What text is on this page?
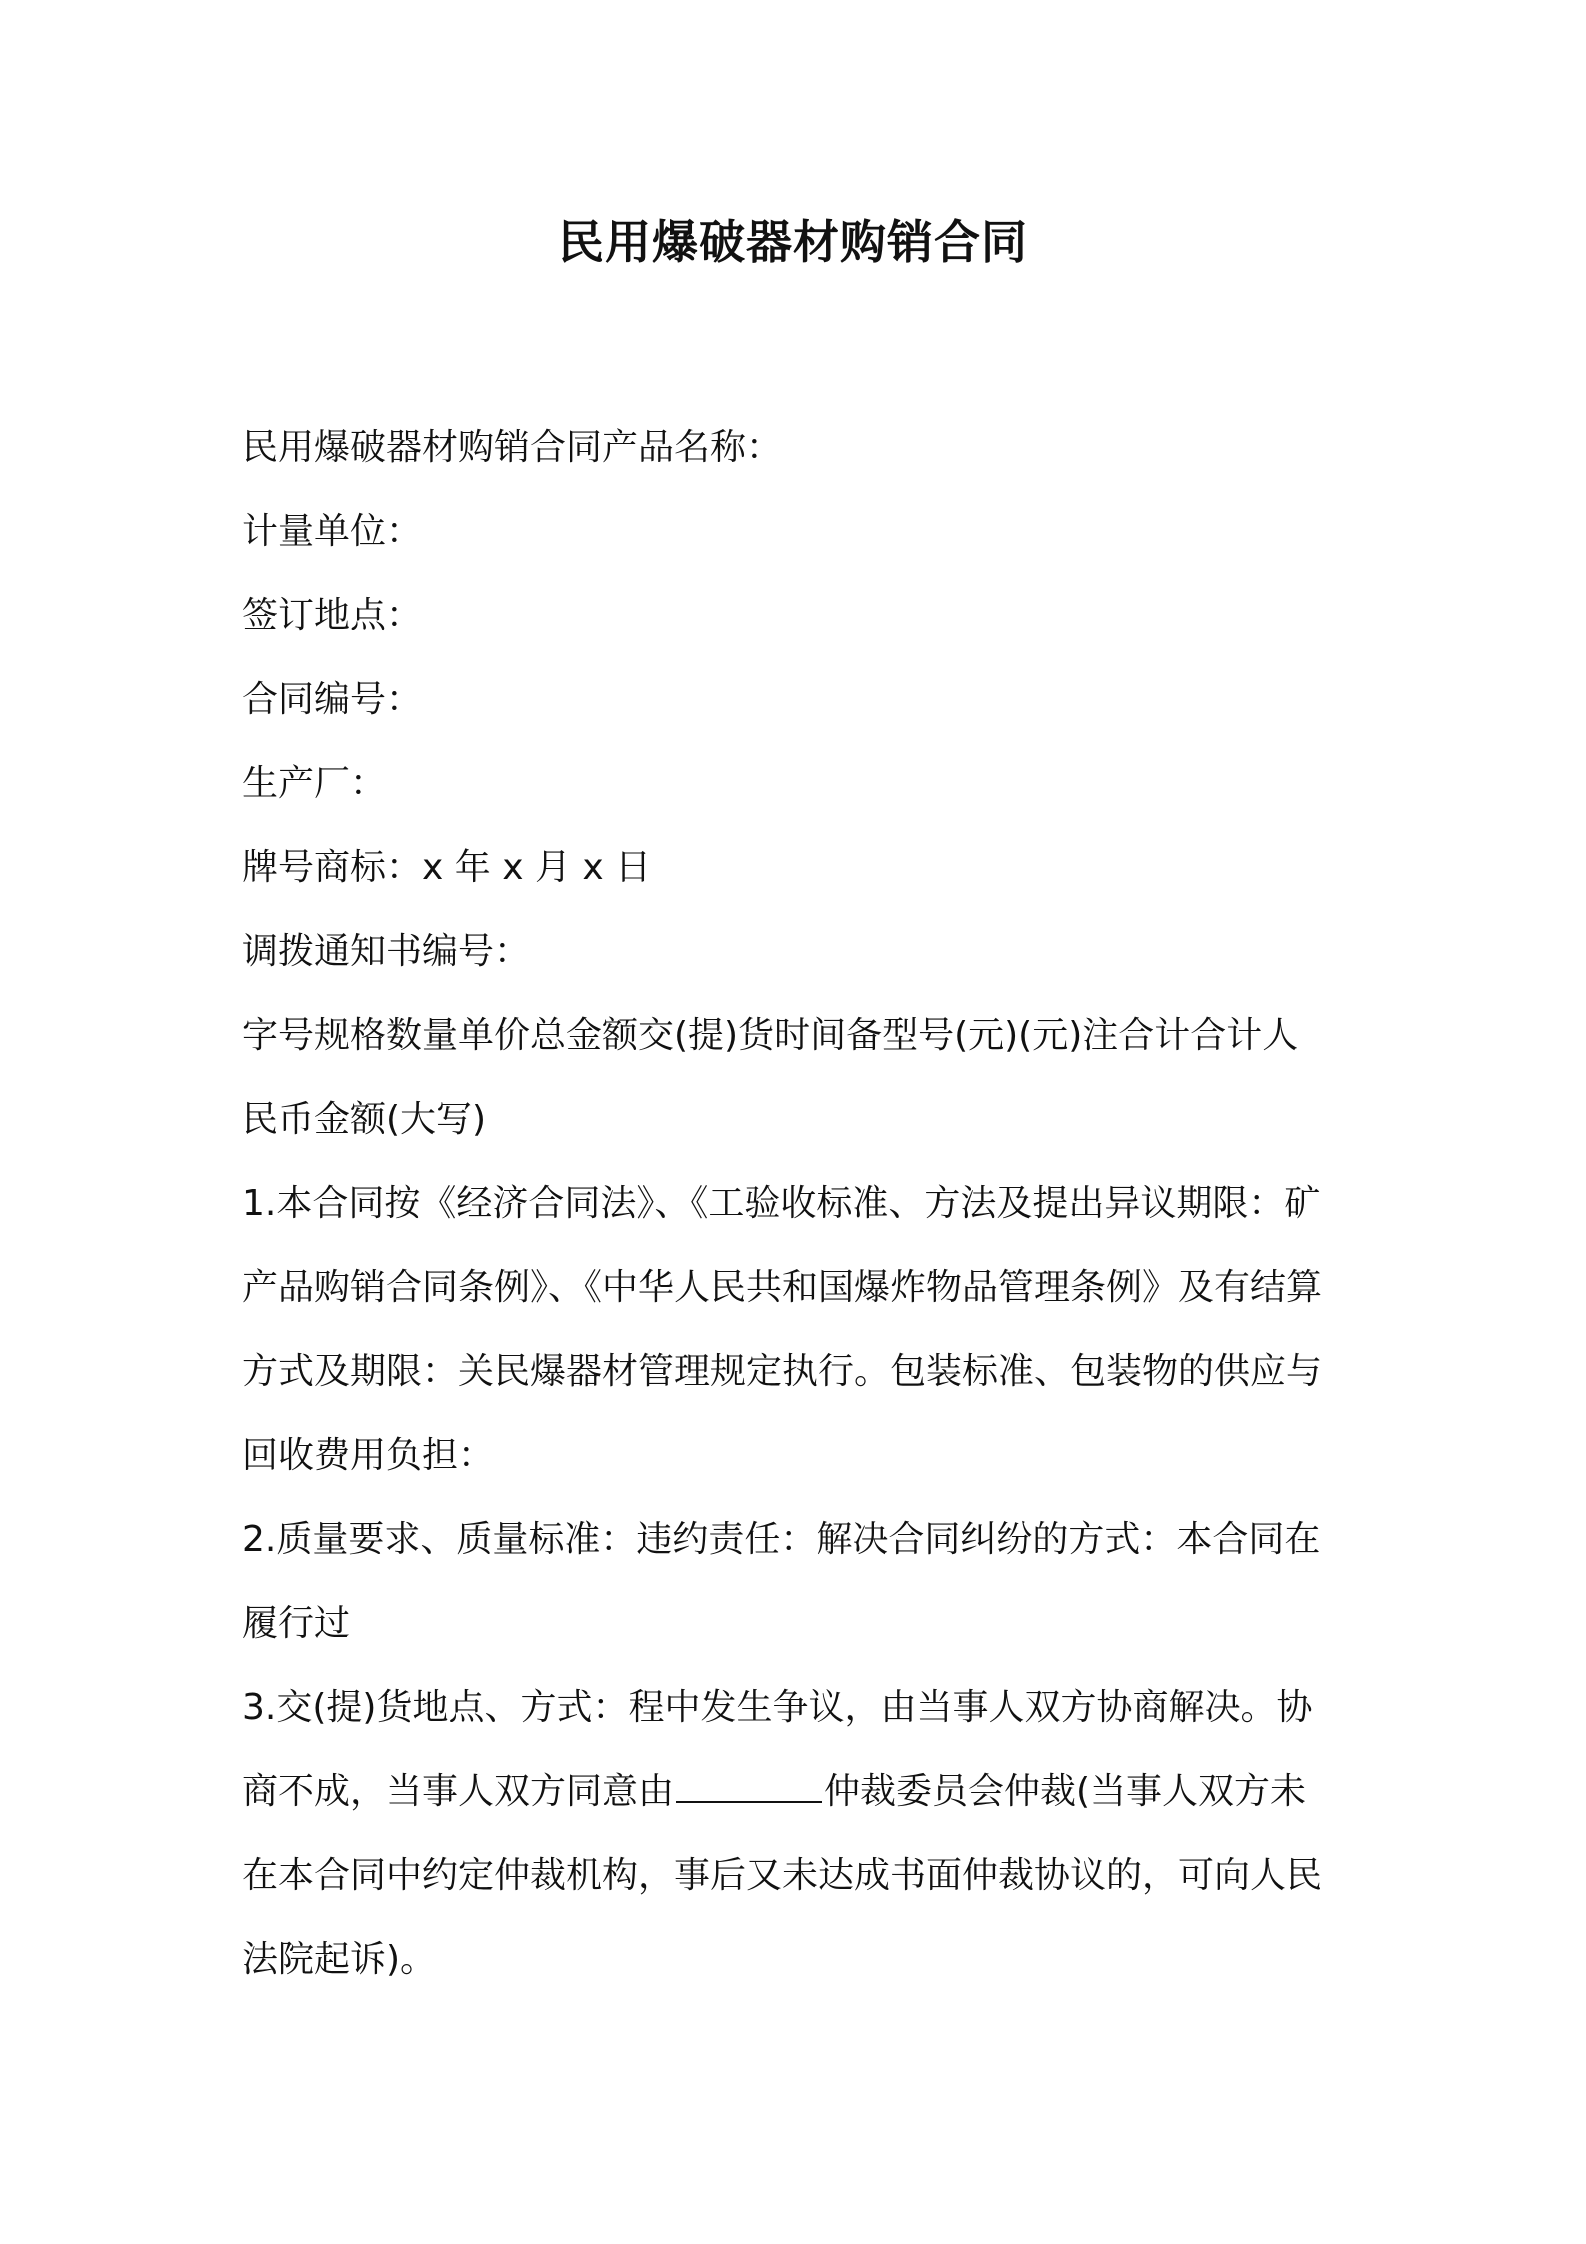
民用爆破器材购销合同

民用爆破器材购销合同产品名称：

计量单位：

签订地点：

合同编号：

生产厂：

牌号商标：x 年 x 月 x 日

调拨通知书编号：

字号规格数量单价总金额交(提)货时间备型号(元)(元)注合计合计人

民币金额(大写)

1.本合同按《经济合同法》、《工验收标准、方法及提出异议期限：矿

产品购销合同条例》、《中华人民共和国爆炸物品管理条例》及有结算

方式及期限：关民爆器材管理规定执行。包装标准、包装物的供应与

回收费用负担：

2.质量要求、质量标准：违约责任：解决合同纠纷的方式：本合同在

履行过

3.交(提)货地点、方式：程中发生争议，由当事人双方协商解决。协

商不成，当事人双方同意由	仲裁委员会仲裁(当事人双方未

在本合同中约定仲裁机构，事后又未达成书面仲裁协议的，可向人民

法院起诉)。
